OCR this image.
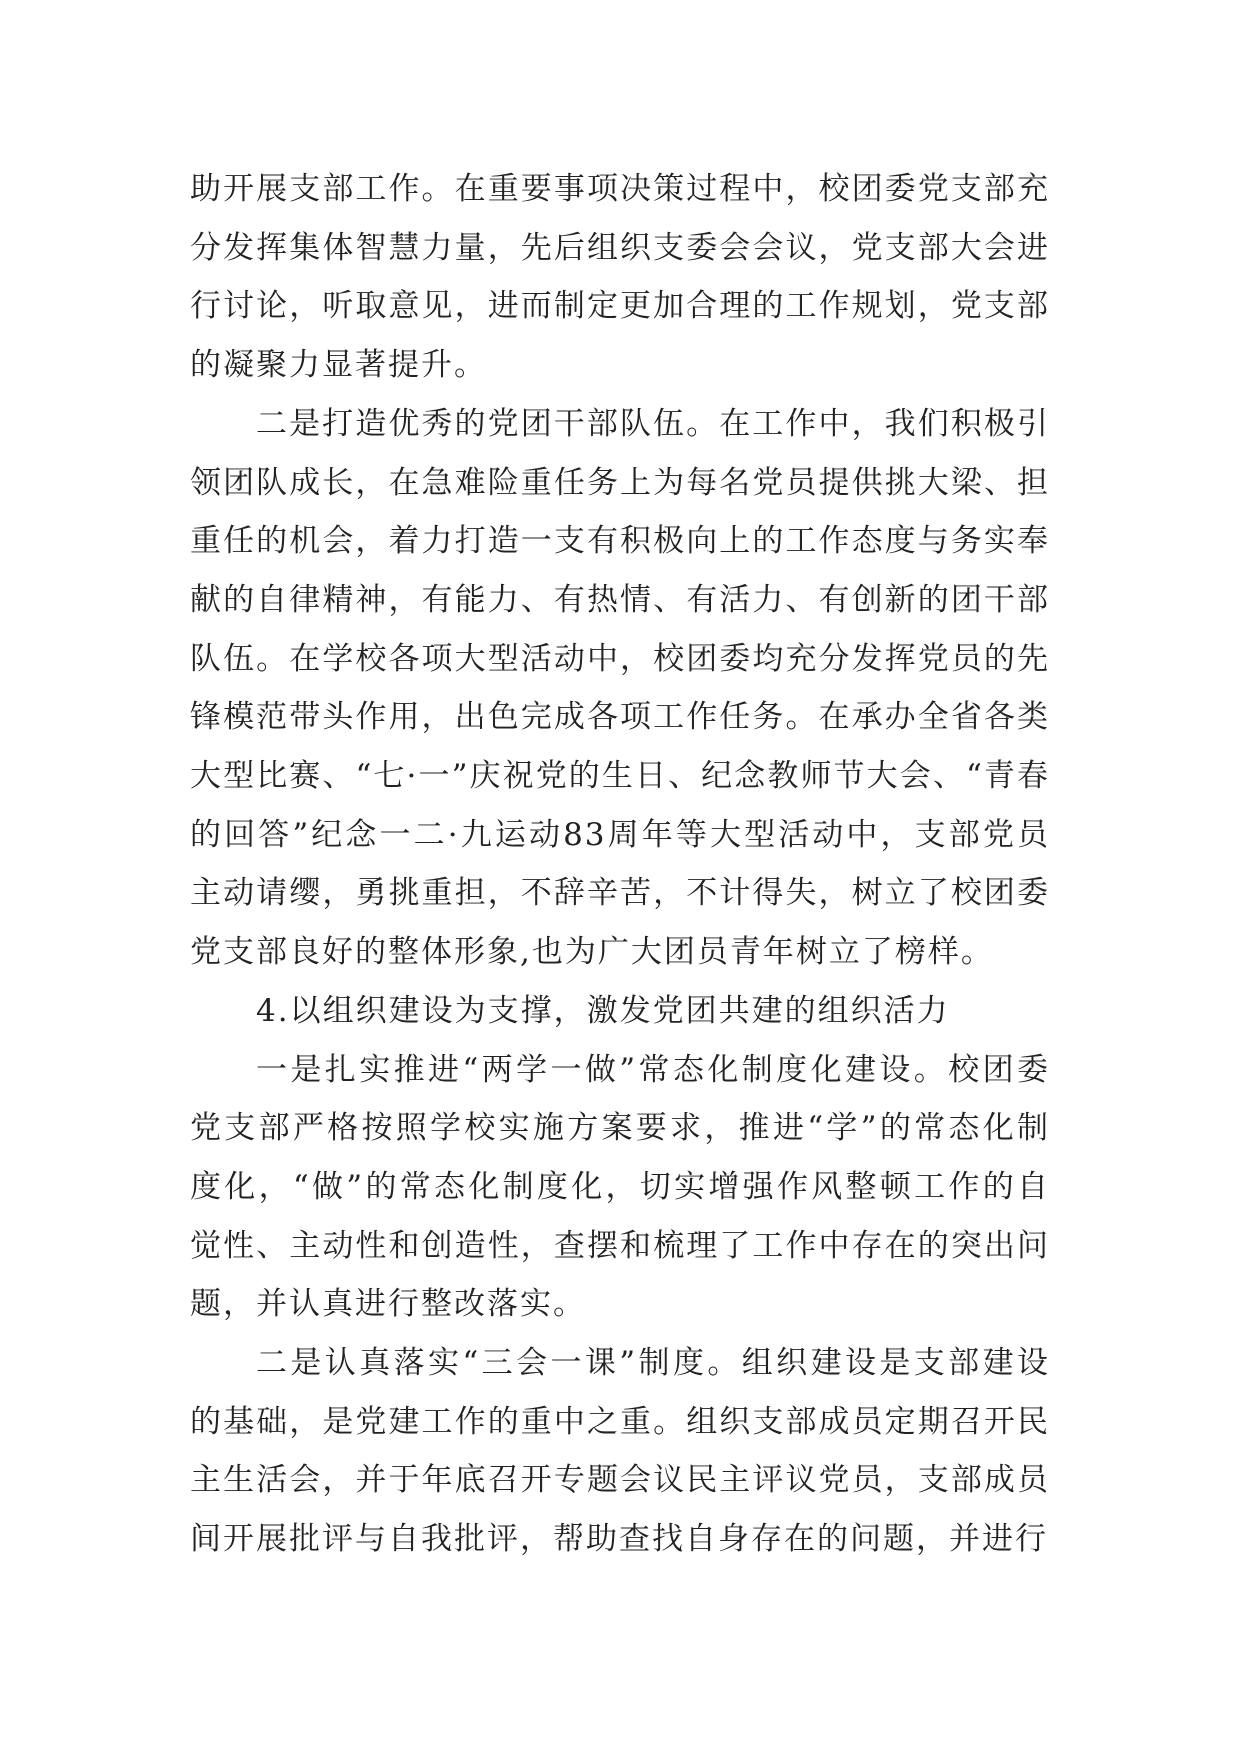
助开展支部工作。在重要事项决策过程中，校团委党支部充分发挥集体智慧力量，先后组织支委会会议，党支部大会进行讨论，听取意见，进而制定更加合理的工作规划，党支部的凝聚力显著提升。

二是打造优秀的党团干部队伍。在工作中，我们积极引领团队成长，在急难险重任务上为每名党员提供挑大梁、担重任的机会，着力打造一支有积极向上的工作态度与务实奉献的自律精神，有能力、有热情、有活力、有创新的团干部队伍。在学校各项大型活动中，校团委均充分发挥党员的先锋模范带头作用，出色完成各项工作任务。在承办全省各类大型比赛、“七·一”庆祝党的生日、纪念教师节大会、“青春的回答”纪念一二·九运动83周年等大型活动中，支部党员主动请缨，勇挑重担，不辞辛苦，不计得失，树立了校团委党支部良好的整体形象,也为广大团员青年树立了榜样。

4.以组织建设为支撑，激发党团共建的组织活力

一是扎实推进“两学一做”常态化制度化建设。校团委党支部严格按照学校实施方案要求，推进“学”的常态化制度化，“做”的常态化制度化，切实增强作风整顿工作的自觉性、主动性和创造性，查摆和梳理了工作中存在的突出问题，并认真进行整改落实。

二是认真落实“三会一课”制度。组织建设是支部建设的基础，是党建工作的重中之重。组织支部成员定期召开民主生活会，并于年底召开专题会议民主评议党员，支部成员间开展批评与自我批评，帮助查找自身存在的问题，并进行
